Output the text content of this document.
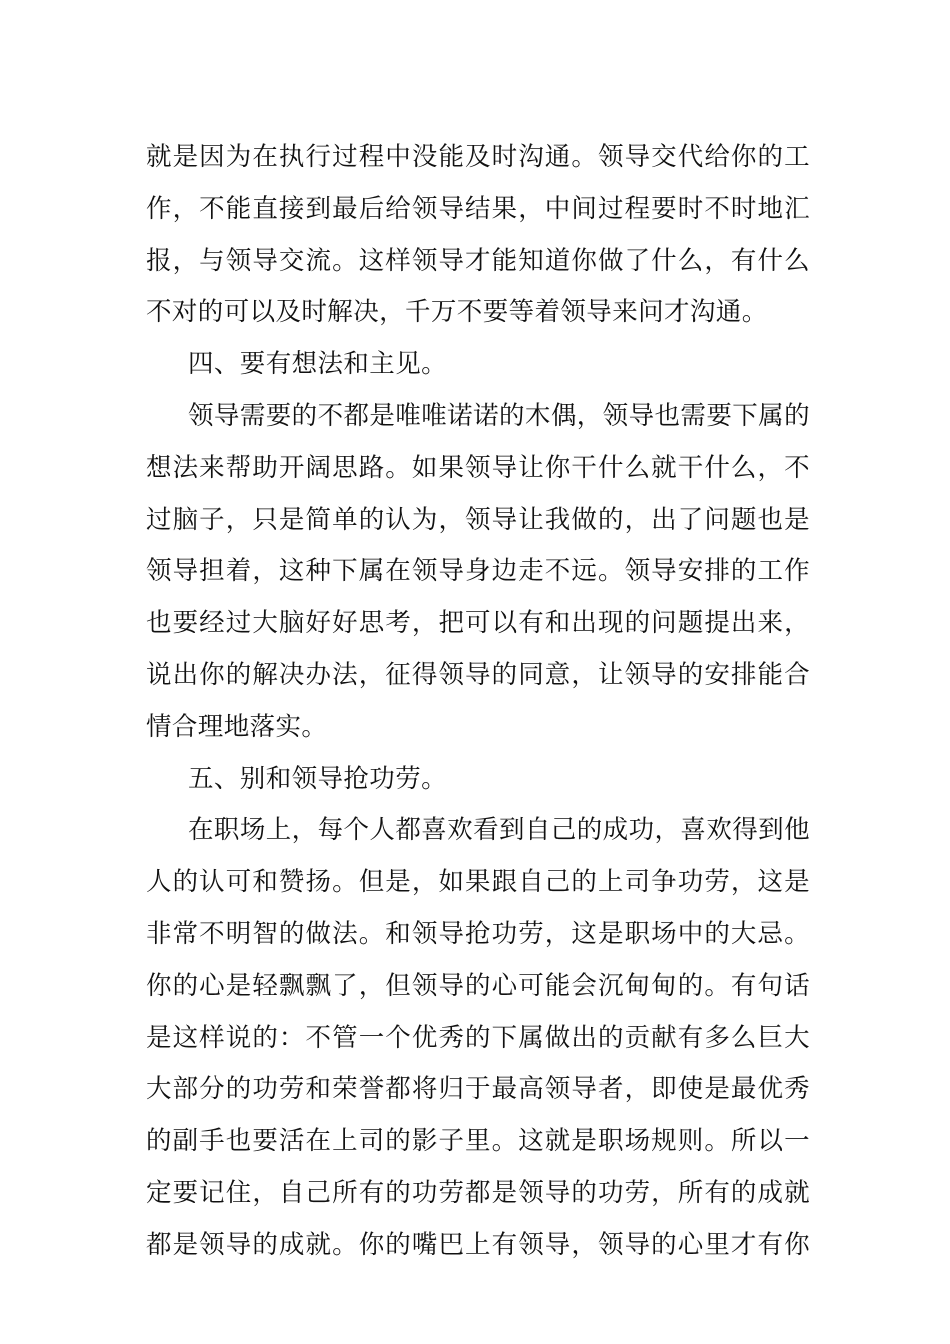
就是因为在执行过程中没能及时沟通。领导交代给你的工
作，不能直接到最后给领导结果，中间过程要时不时地汇
报，与领导交流。这样领导才能知道你做了什么，有什么
不对的可以及时解决，千万不要等着领导来问才沟通。
四、要有想法和主见。
领导需要的不都是唯唯诺诺的木偶，领导也需要下属的
想法来帮助开阔思路。如果领导让你干什么就干什么，不
过脑子，只是简单的认为，领导让我做的，出了问题也是
领导担着，这种下属在领导身边走不远。领导安排的工作
也要经过大脑好好思考，把可以有和出现的问题提出来，
说出你的解决办法，征得领导的同意，让领导的安排能合
情合理地落实。
五、别和领导抢功劳。
在职场上，每个人都喜欢看到自己的成功，喜欢得到他
人的认可和赞扬。但是，如果跟自己的上司争功劳，这是
非常不明智的做法。和领导抢功劳，这是职场中的大忌。
你的心是轻飘飘了，但领导的心可能会沉甸甸的。有句话
是这样说的：不管一个优秀的下属做出的贡献有多么巨大
大部分的功劳和荣誉都将归于最高领导者，即使是最优秀
的副手也要活在上司的影子里。这就是职场规则。所以一
定要记住，自己所有的功劳都是领导的功劳，所有的成就
都是领导的成就。你的嘴巴上有领导，领导的心里才有你
